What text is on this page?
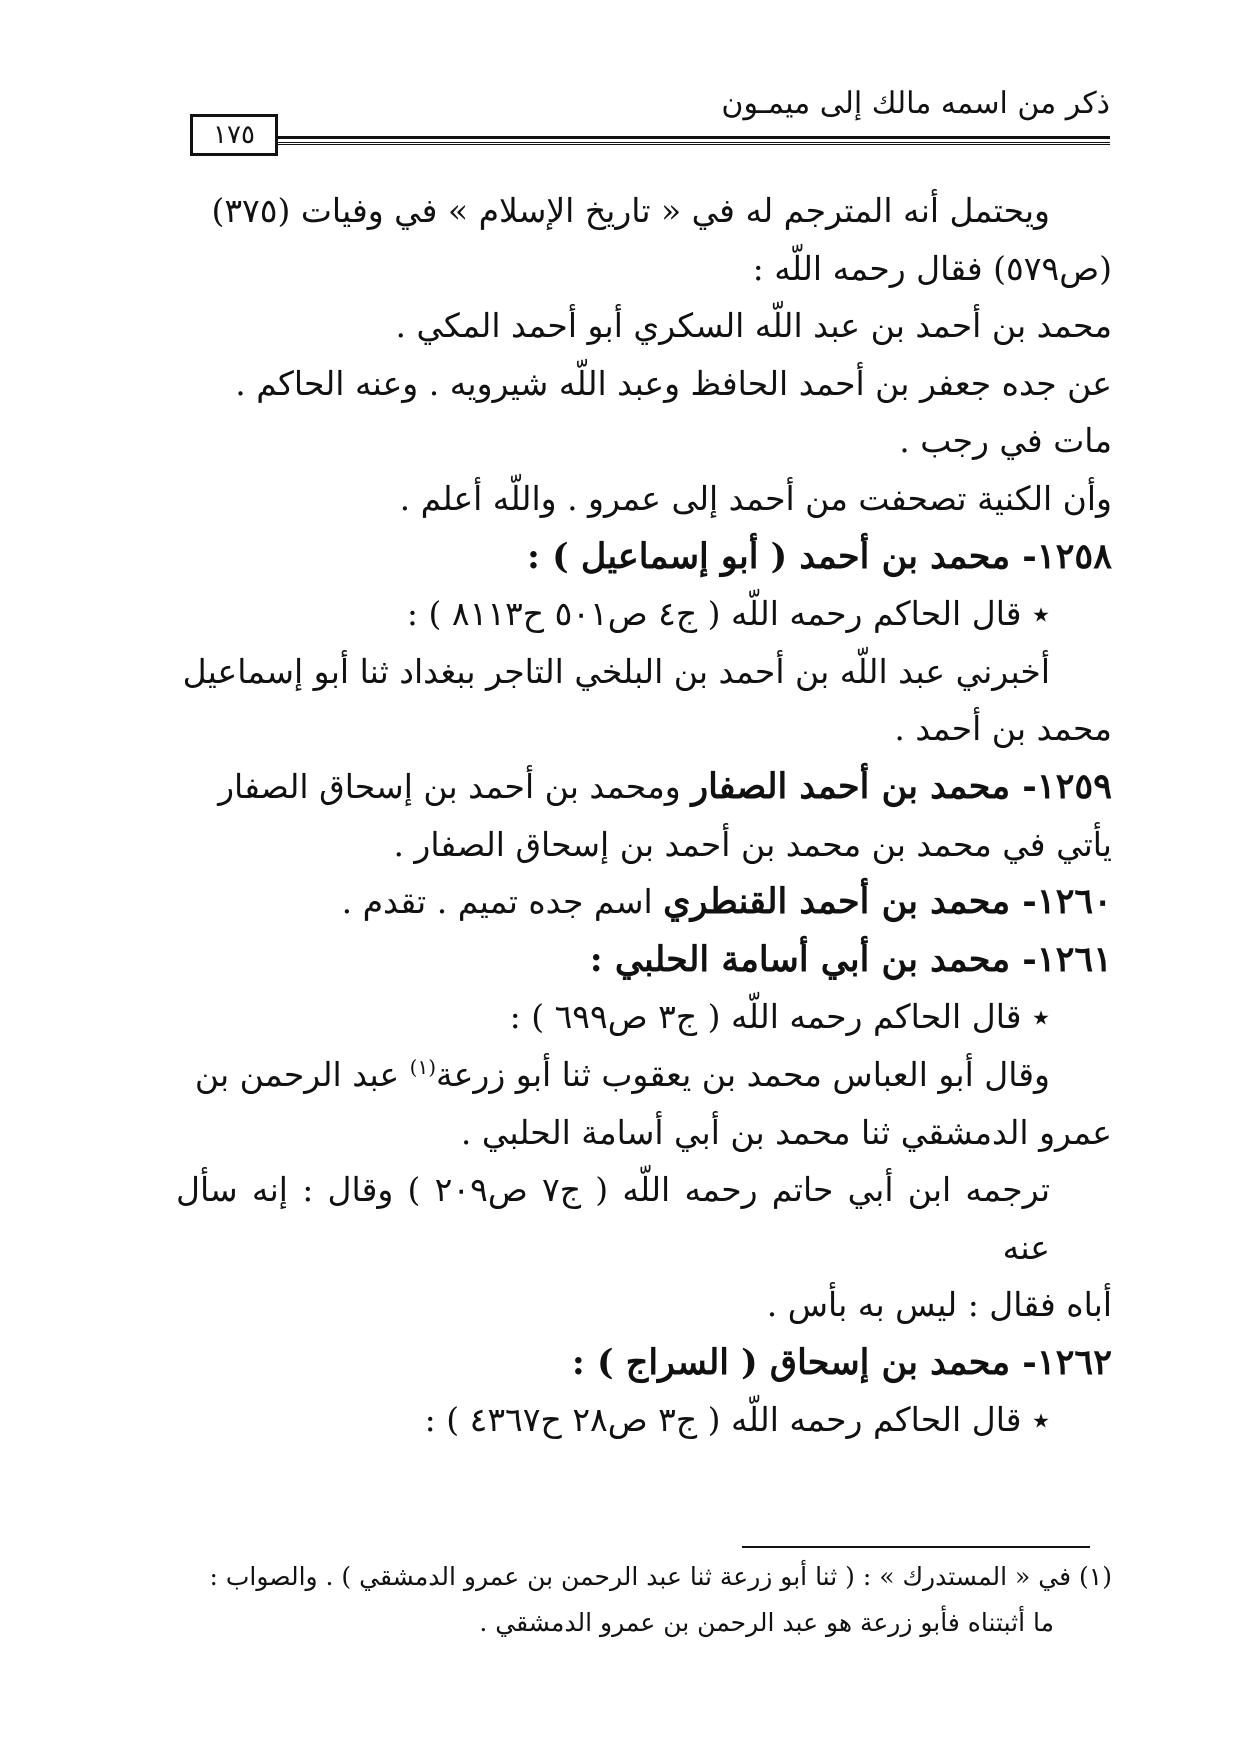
ذكر من اسمه مالك إلى ميمـون
١٧٥

ويحتمل أنه المترجم له في « تاريخ الإسلام » في وفيات (٣٧٥)

(ص٥٧٩) فقال رحمه اللّه :

محمد بن أحمد بن عبد اللّه السكري أبو أحمد المكي .

عن جده جعفر بن أحمد الحافظ وعبد اللّه شيرويه . وعنه الحاكم .

مات في رجب .

وأن الكنية تصحفت من أحمد إلى عمرو . واللّه أعلم .

١٢٥٨- محمد بن أحمد ( أبو إسماعيل ) :

٭ قال الحاكم رحمه اللّه ( ج٤ ص٥٠١ ح٨١١٣ ) :

أخبرني عبد اللّه بن أحمد بن البلخي التاجر ببغداد ثنا أبو إسماعيل

محمد بن أحمد .

١٢٥٩- محمد بن أحمد الصفار ومحمد بن أحمد بن إسحاق الصفار

يأتي في محمد بن محمد بن أحمد بن إسحاق الصفار .

١٢٦٠- محمد بن أحمد القنطري اسم جده تميم . تقدم .

١٢٦١- محمد بن أبي أسامة الحلبي :

٭ قال الحاكم رحمه اللّه ( ج٣ ص٦٩٩ ) :

وقال أبو العباس محمد بن يعقوب ثنا أبو زرعة$^{(١)}$ عبد الرحمن بن

عمرو الدمشقي ثنا محمد بن أبي أسامة الحلبي .

ترجمه ابن أبي حاتم رحمه اللّه ( ج٧ ص٢٠٩ ) وقال : إنه سأل عنه

أباه فقال : ليس به بأس .

١٢٦٢- محمد بن إسحاق ( السراج ) :

٭ قال الحاكم رحمه اللّه ( ج٣ ص٢٨ ح٤٣٦٧ ) :

(١) في « المستدرك » : ( ثنا أبو زرعة ثنا عبد الرحمن بن عمرو الدمشقي ) . والصواب :

ما أثبتناه فأبو زرعة هو عبد الرحمن بن عمرو الدمشقي .
